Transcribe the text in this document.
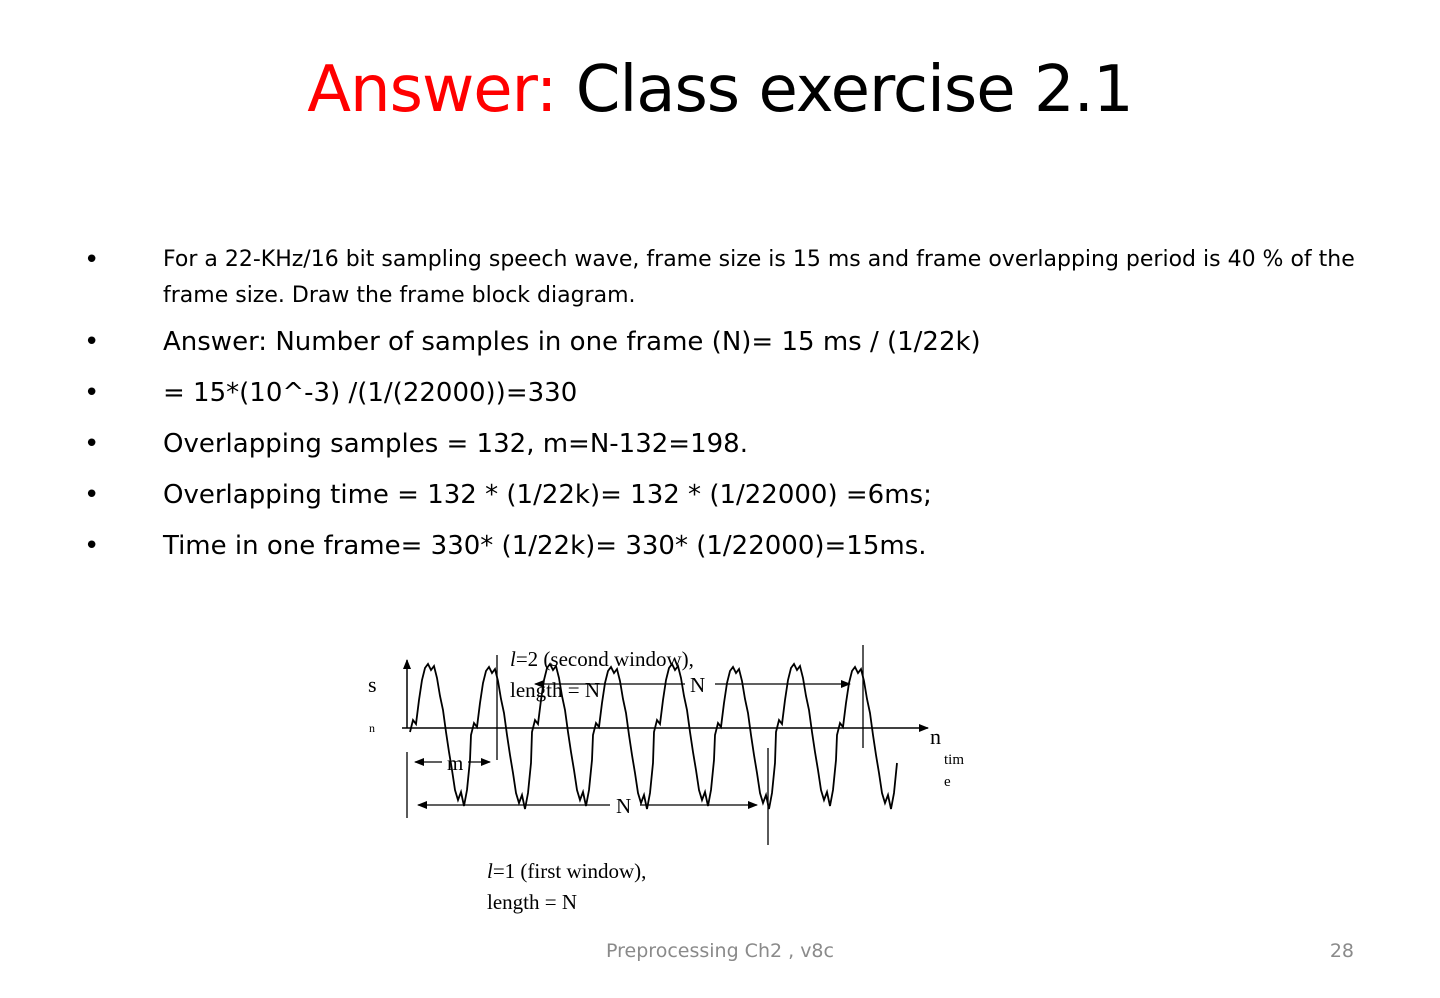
Answer: Class exercise 2.1
•	For a 22-KHz/16 bit sampling speech wave, frame size is 15 ms and frame overlapping period is 40 % of the frame size. Draw the frame block diagram.
• Answer: Number of samples in one frame (N)= 15 ms / (1/22k)
• = 15*(10^-3) /(1/(22000))=330
• Overlapping samples = 132, m=N-132=198.
• Overlapping time = 132 * (1/22k)= 132 * (1/22000) =6ms;
• Time in one frame= 330* (1/22k)= 330* (1/22000)=15ms.
s
n	n
tim
e
l=2 (second window),
length = N	N
m
N
l=1 (first window),
length = N
Preprocessing Ch2 , v8c	28
